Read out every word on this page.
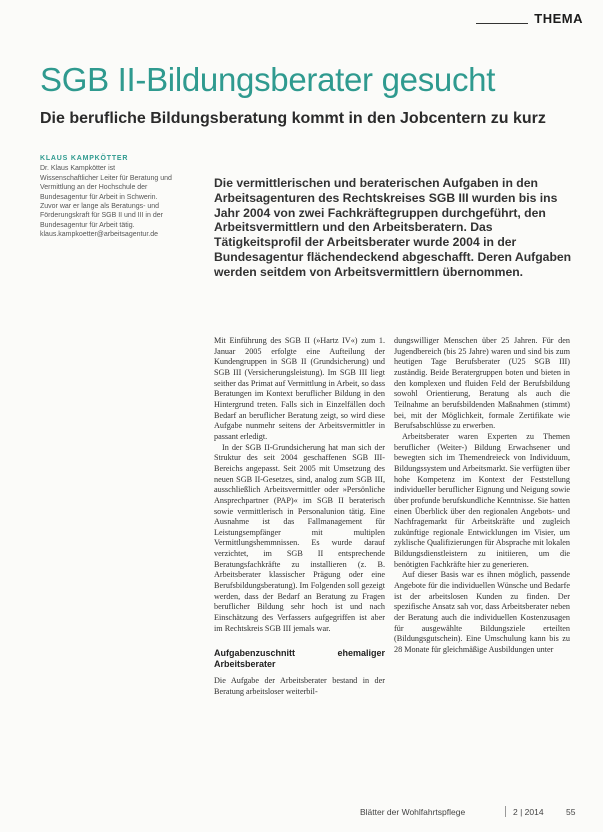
THEMA
SGB II-Bildungsberater gesucht
Die berufliche Bildungsberatung kommt in den Jobcentern zu kurz
KLAUS KAMPKÖTTER
Dr. Klaus Kampkötter ist Wissenschaftlicher Leiter für Beratung und Vermittlung an der Hochschule der Bundesagentur für Arbeit in Schwerin. Zuvor war er lange als Beratungs- und Förderungskraft für SGB II und III in der Bundesagentur für Arbeit tätig.
klaus.kampkoetter@arbeitsagentur.de
Die vermittlerischen und beraterischen Aufgaben in den Arbeitsagenturen des Rechtskreises SGB III wurden bis ins Jahr 2004 von zwei Fachkräftegruppen durchgeführt, den Arbeitsvermittlern und den Arbeitsberatern. Das Tätigkeitsprofil der Arbeitsberater wurde 2004 in der Bundesagentur flächendeckend abgeschafft. Deren Aufgaben werden seitdem von Arbeitsvermittlern übernommen.

Mit Einführung des SGB II (»Hartz IV«) zum 1. Januar 2005 erfolgte eine Aufteilung der Kundengruppen in SGB II (Grundsicherung) und SGB III (Versicherungsleistung). Im SGB III liegt seither das Primat auf Vermittlung in Arbeit, so dass Beratungen im Kontext beruflicher Bildung in den Hintergrund treten. Falls sich in Einzelfällen doch Bedarf an beruflicher Beratung zeigt, so wird diese Aufgabe nunmehr seitens der Arbeitsvermittler in passant erledigt.

In der SGB II-Grundsicherung hat man sich der Struktur des seit 2004 geschaffenen SGB III-Bereichs angepasst. Seit 2005 mit Umsetzung des neuen SGB II-Gesetzes, sind, analog zum SGB III, ausschließlich Arbeitsvermittler oder »Persönliche Ansprechpartner (PAP)« im SGB II beraterisch sowie vermittlerisch in Personalunion tätig. Eine Ausnahme ist das Fallmanagement für Leistungsempfänger mit multiplen Vermittlungshemmnissen. Es wurde darauf verzichtet, im SGB II entsprechende Beratungsfachkräfte zu installieren (z. B. Arbeitsberater klassischer Prägung oder eine Berufsbildungsberatung). Im Folgenden soll gezeigt werden, dass der Bedarf an Beratung zu Fragen beruflicher Bildung sehr hoch ist und nach Einschätzung des Verfassers aufgegriffen ist aber im Rechtskreis SGB III jemals war.

Aufgabenzuschnitt ehemaliger Arbeitsberater

Die Aufgabe der Arbeitsberater bestand in der Beratung arbeitsloser weiterbil-

dungswilliger Menschen über 25 Jahren. Für den Jugendbereich (bis 25 Jahre) waren und sind bis zum heutigen Tage Berufsberater (U25 SGB III) zuständig. Beide Beratergruppen boten und bieten in den komplexen und fluiden Feld der Berufsbildung sowohl Orientierung, Beratung als auch die Teilnahme an berufsbildenden Maßnahmen (stimmt) bei, mit der Möglichkeit, formale Zertifikate wie Berufsabschlüsse zu erwerben.

Arbeitsberater waren Experten zu Themen beruflicher (Weiter-) Bildung Erwachsener und bewegten sich im Themendreieck von Individuum, Bildungssystem und Arbeitsmarkt. Sie verfügten über hohe Kompetenz im Kontext der Feststellung individueller beruflicher Eignung und Neigung sowie über profunde berufskundliche Kenntnisse. Sie hatten einen Überblick über den regionalen Angebots- und Nachfragemarkt für Arbeitskräfte und zugleich zukünftige regionale Entwicklungen im Visier, um zyklische Qualifizierungen für Absprache mit lokalen Bildungsdienstleistern zu initiieren, um die benötigten Fachkräfte hier zu generieren.

Auf dieser Basis war es ihnen möglich, passende Angebote für die individuellen Wünsche und Bedarfe ist der arbeitslosen Kunden zu finden. Der spezifische Ansatz sah vor, dass Arbeitsberater neben der Beratung auch die individuellen Kostenzusagen für ausgewählte Bildungsziele erteilten (Bildungsgutschein). Eine Umschulung kann bis zu 28 Monate für gleichmäßige Ausbildungen unter

Blätter der Wohlfahrtspflege	2 | 2014	55
